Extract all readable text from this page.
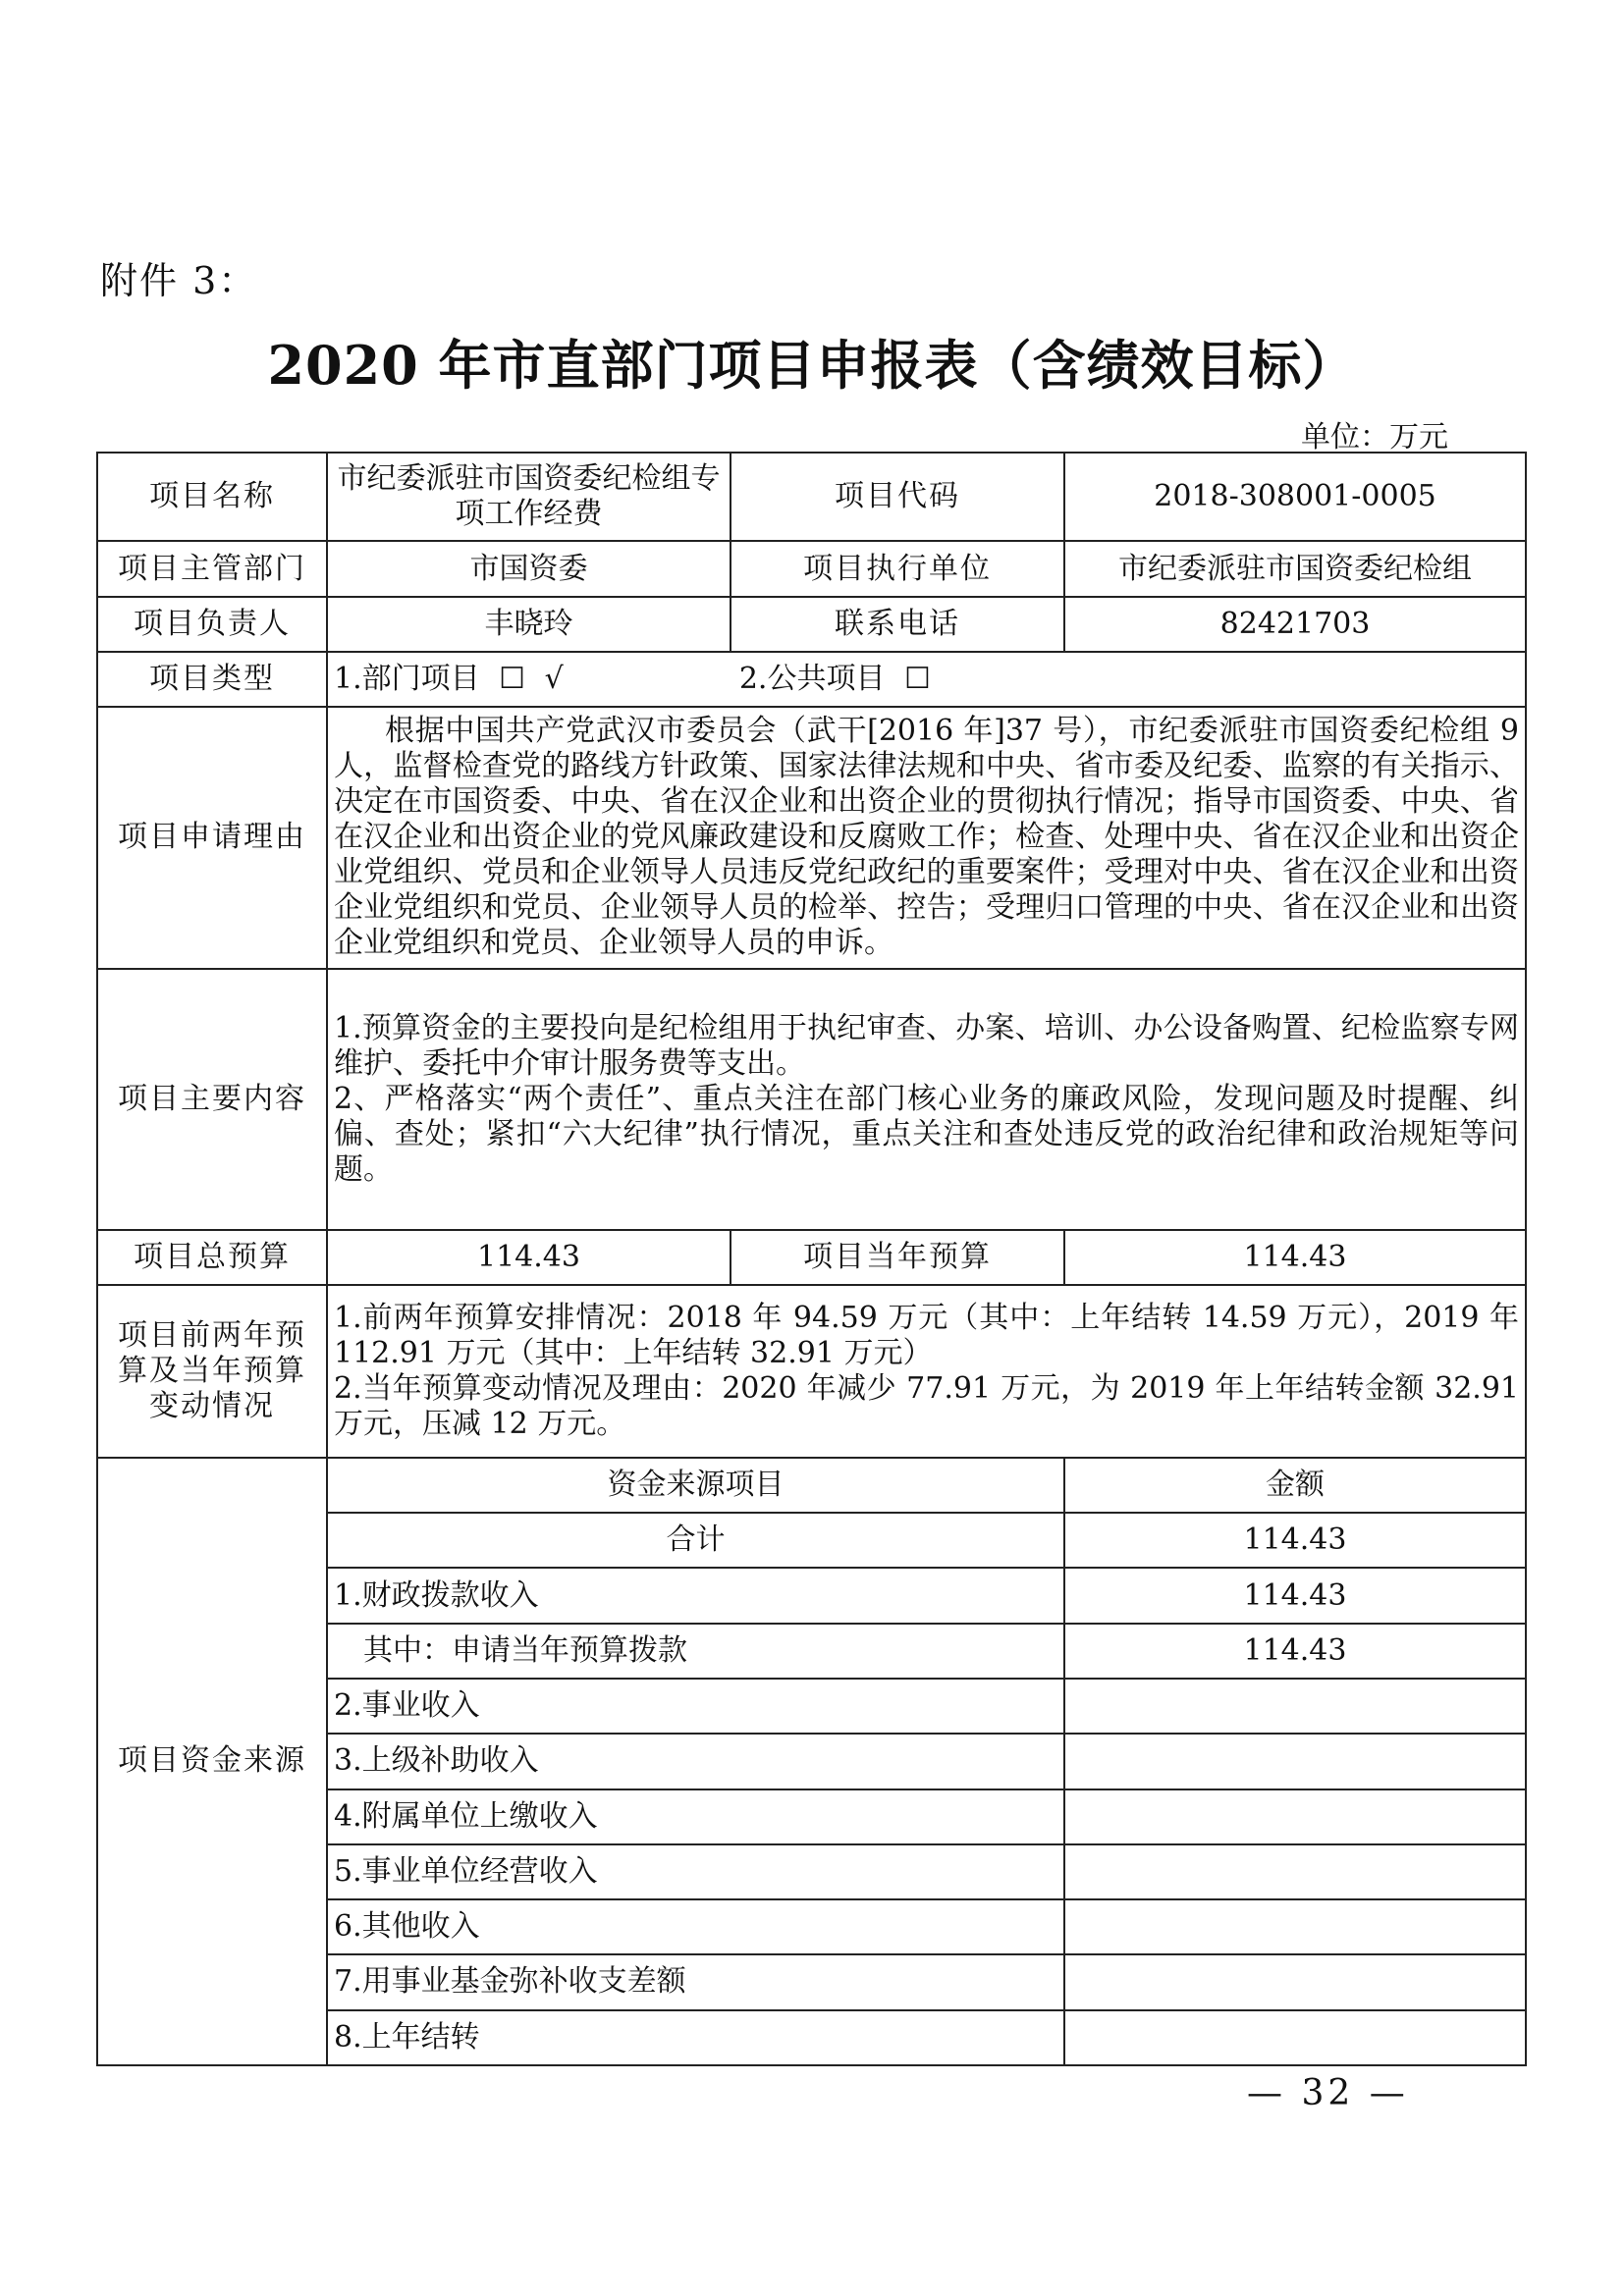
附件 3：
2020 年市直部门项目申报表（含绩效目标）
单位：万元
项目名称	市纪委派驻市国资委纪检组专项工作经费	项目代码	2018-308001-0005
项目主管部门	市国资委	项目执行单位	市纪委派驻市国资委纪检组
项目负责人	丰晓玲	联系电话	82421703
项目类型	1.部门项目 ☐ √ 2.公共项目 ☐		
项目申请理由	根据中国共产党武汉市委员会（武干[2016 年]37 号），市纪委派驻市国资委纪检组 9 人，监督检查党的路线方针政策、国家法律法规和中央、省市委及纪委、监察的有关指示、决定在市国资委、中央、省在汉企业和出资企业的贯彻执行情况；指导市国资委、中央、省在汉企业和出资企业的党风廉政建设和反腐败工作；检查、处理中央、省在汉企业和出资企业党组织、党员和企业领导人员违反党纪政纪的重要案件；受理对中央、省在汉企业和出资企业党组织和党员、企业领导人员的检举、控告；受理归口管理的中央、省在汉企业和出资企业党组织和党员、企业领导人员的申诉。		

项目主要内容	1.预算资金的主要投向是纪检组用于执纪审查、办案、培训、办公设备购置、纪检监察专网维护、委托中介审计服务费等支出。
2、严格落实“两个责任”、重点关注在部门核心业务的廉政风险，发现问题及时提醒、纠偏、查处；紧扣“六大纪律”执行情况，重点关注和查处违反党的政治纪律和政治规矩等问题。		

项目总预算	114.43	项目当年预算	114.43
项目前两年预算及当年预算变动情况	1.前两年预算安排情况：2018 年 94.59 万元（其中：上年结转 14.59 万元），2019 年 112.91 万元（其中：上年结转 32.91 万元）
2.当年预算变动情况及理由：2020 年减少 77.91 万元，为 2019 年上年结转金额 32.91 万元，压减 12 万元。		

项目资金来源	资金来源项目		金额
	合计		114.43
	1.财政拨款收入		114.43
	其中：申请当年预算拨款		114.43
	2.事业收入		
	3.上级补助收入		
	4.附属单位上缴收入		
	5.事业单位经营收入		
	6.其他收入		
	7.用事业基金弥补收支差额		
	8.上年结转		
— 32 —
